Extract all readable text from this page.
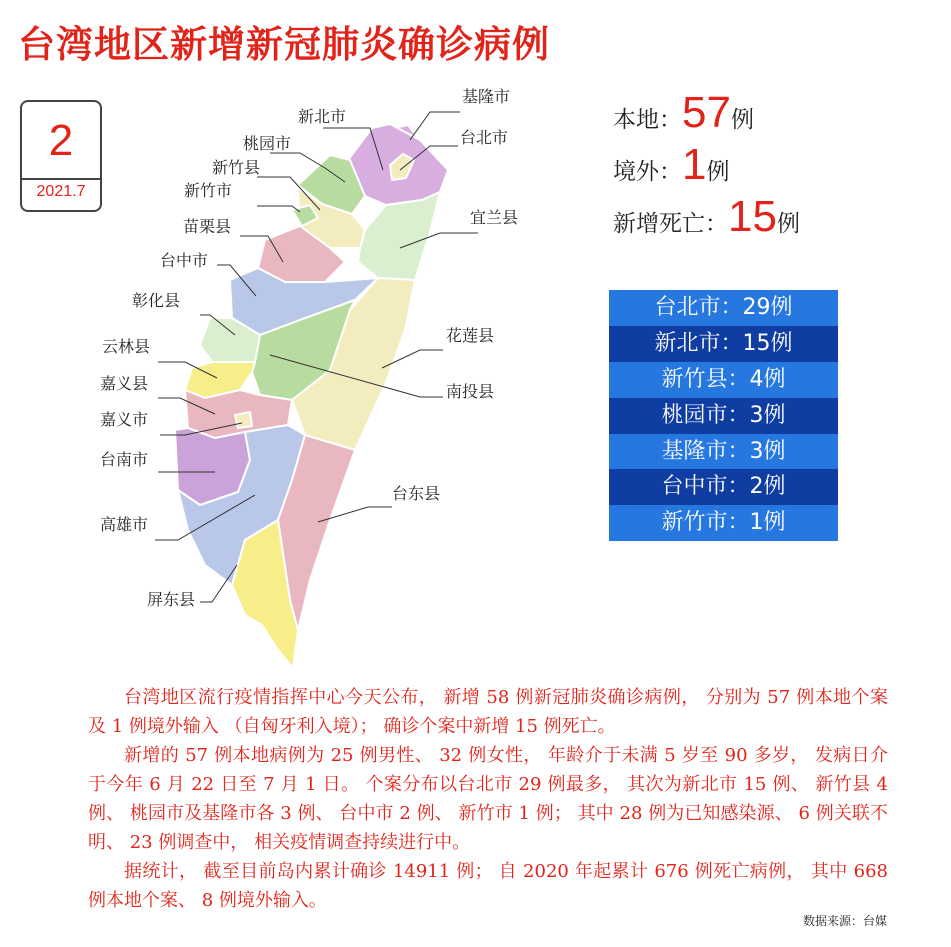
台湾地区新增新冠肺炎确诊病例
2
2021.7
基隆市
新北市
台北市
桃园市
新竹县
新竹市
宜兰县
苗栗县
台中市
彰化县
花莲县
云林县
南投县
嘉义县
嘉义市
台南市
台东县
高雄市
屏东县
本地：57例
境外：1例
新增死亡：15例
台北市：29例
新北市：15例
新竹县：4例
桃园市：3例
基隆市：3例
台中市：2例
新竹市：1例

台湾地区流行疫情指挥中心今天公布， 新增 58 例新冠肺炎确诊病例， 分别为 57 例本地个案及 1 例境外输入 （自匈牙利入境）； 确诊个案中新增 15 例死亡。

新增的 57 例本地病例为 25 例男性、 32 例女性， 年龄介于未满 5 岁至 90 多岁， 发病日介于今年 6 月 22 日至 7 月 1 日。 个案分布以台北市 29 例最多， 其次为新北市 15 例、 新竹县 4 例、 桃园市及基隆市各 3 例、 台中市 2 例、 新竹市 1 例； 其中 28 例为已知感染源、 6 例关联不明、 23 例调查中， 相关疫情调查持续进行中。

据统计， 截至目前岛内累计确诊 14911 例； 自 2020 年起累计 676 例死亡病例， 其中 668 例本地个案、 8 例境外输入。

数据来源：台媒
